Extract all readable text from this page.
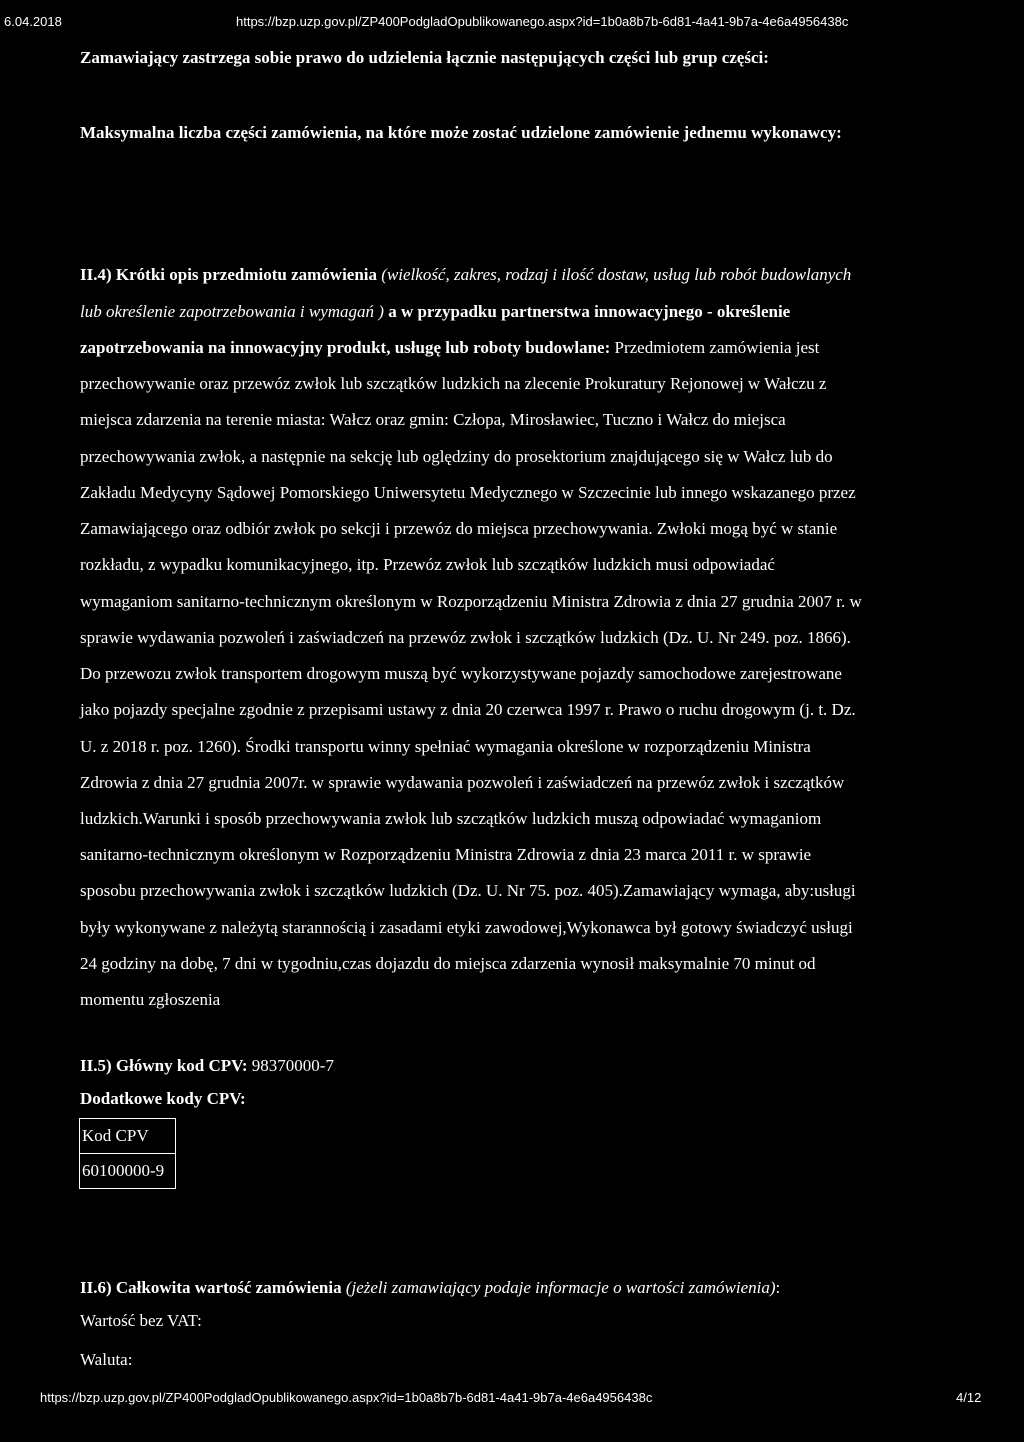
6.04.2018	https://bzp.uzp.gov.pl/ZP400PodgladOpublikowanego.aspx?id=1b0a8b7b-6d81-4a41-9b7a-4e6a4956438c
Zamawiający zastrzega sobie prawo do udzielenia łącznie następujących części lub grup części:
Maksymalna liczba części zamówienia, na które może zostać udzielone zamówienie jednemu wykonawcy:
II.4) Krótki opis przedmiotu zamówienia (wielkość, zakres, rodzaj i ilość dostaw, usług lub robót budowlanych
lub określenie zapotrzebowania i wymagań ) a w przypadku partnerstwa innowacyjnego - określenie
zapotrzebowania na innowacyjny produkt, usługę lub roboty budowlane: Przedmiotem zamówienia jest
przechowywanie oraz przewóz zwłok lub szczątków ludzkich na zlecenie Prokuratury Rejonowej w Wałczu z
miejsca zdarzenia na terenie miasta: Wałcz oraz gmin: Człopa, Mirosławiec, Tuczno i Wałcz do miejsca
przechowywania zwłok, a następnie na sekcję lub oględziny do prosektorium znajdującego się w Wałcz lub do
Zakładu Medycyny Sądowej Pomorskiego Uniwersytetu Medycznego w Szczecinie lub innego wskazanego przez
Zamawiającego oraz odbiór zwłok po sekcji i przewóz do miejsca przechowywania. Zwłoki mogą być w stanie
rozkładu, z wypadku komunikacyjnego, itp. Przewóz zwłok lub szczątków ludzkich musi odpowiadać
wymaganiom sanitarno-technicznym określonym w Rozporządzeniu Ministra Zdrowia z dnia 27 grudnia 2007 r. w
sprawie wydawania pozwoleń i zaświadczeń na przewóz zwłok i szczątków ludzkich (Dz. U. Nr 249. poz. 1866).
Do przewozu zwłok transportem drogowym muszą być wykorzystywane pojazdy samochodowe zarejestrowane
jako pojazdy specjalne zgodnie z przepisami ustawy z dnia 20 czerwca 1997 r. Prawo o ruchu drogowym (j. t. Dz.
U. z 2018 r. poz. 1260). Środki transportu winny spełniać wymagania określone w rozporządzeniu Ministra
Zdrowia z dnia 27 grudnia 2007r. w sprawie wydawania pozwoleń i zaświadczeń na przewóz zwłok i szczątków
ludzkich.Warunki i sposób przechowywania zwłok lub szczątków ludzkich muszą odpowiadać wymaganiom
sanitarno-technicznym określonym w Rozporządzeniu Ministra Zdrowia z dnia 23 marca 2011 r. w sprawie
sposobu przechowywania zwłok i szczątków ludzkich (Dz. U. Nr 75. poz. 405).Zamawiający wymaga, aby:usługi
były wykonywane z należytą starannością i zasadami etyki zawodowej,Wykonawca był gotowy świadczyć usługi
24 godziny na dobę, 7 dni w tygodniu,czas dojazdu do miejsca zdarzenia wynosił maksymalnie 70 minut od
momentu zgłoszenia
II.5) Główny kod CPV: 98370000-7
Dodatkowe kody CPV:
Kod CPV
60100000-9
II.6) Całkowita wartość zamówienia (jeżeli zamawiający podaje informacje o wartości zamówienia):
Wartość bez VAT:
Waluta:
https://bzp.uzp.gov.pl/ZP400PodgladOpublikowanego.aspx?id=1b0a8b7b-6d81-4a41-9b7a-4e6a4956438c	4/12
